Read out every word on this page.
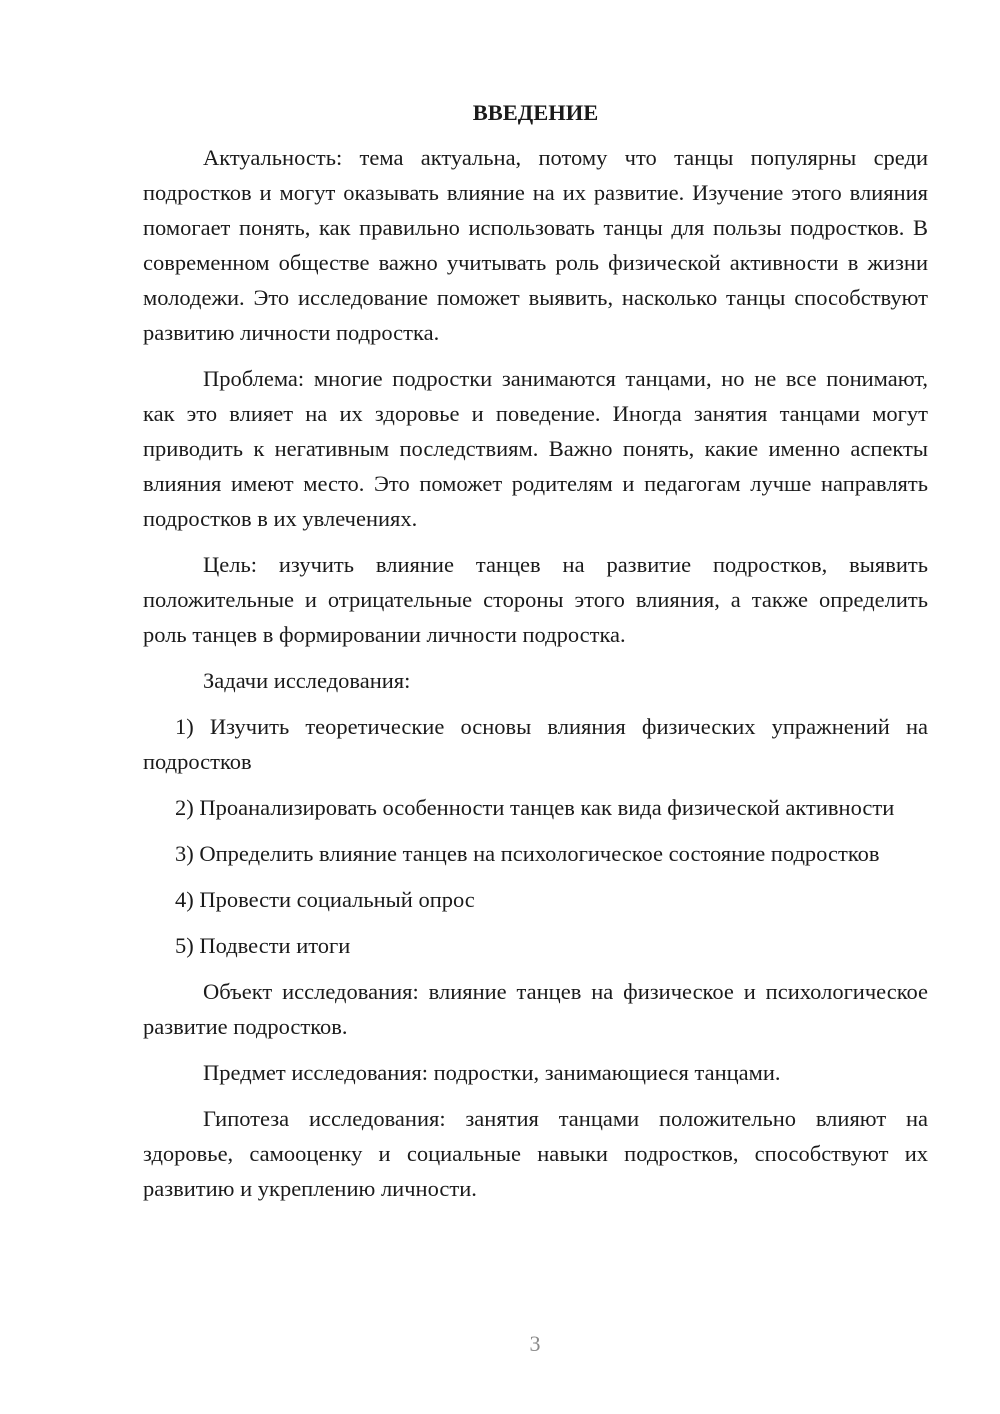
ВВЕДЕНИЕ

Актуальность: тема актуальна, потому что танцы популярны среди подростков и могут оказывать влияние на их развитие. Изучение этого влияния помогает понять, как правильно использовать танцы для пользы подростков. В современном обществе важно учитывать роль физической активности в жизни молодежи. Это исследование поможет выявить, насколько танцы способствуют развитию личности подростка.

Проблема: многие подростки занимаются танцами, но не все понимают, как это влияет на их здоровье и поведение. Иногда занятия танцами могут приводить к негативным последствиям. Важно понять, какие именно аспекты влияния имеют место. Это поможет родителям и педагогам лучше направлять подростков в их увлечениях.

Цель: изучить влияние танцев на развитие подростков, выявить положительные и отрицательные стороны этого влияния, а также определить роль танцев в формировании личности подростка.

Задачи исследования:

1) Изучить теоретические основы влияния физических упражнений на подростков

2) Проанализировать особенности танцев как вида физической активности

3) Определить влияние танцев на психологическое состояние подростков

4) Провести социальный опрос

5) Подвести итоги

Объект исследования: влияние танцев на физическое и психологическое развитие подростков.

Предмет исследования: подростки, занимающиеся танцами.

Гипотеза исследования: занятия танцами положительно влияют на здоровье, самооценку и социальные навыки подростков, способствуют их развитию и укреплению личности.

3
